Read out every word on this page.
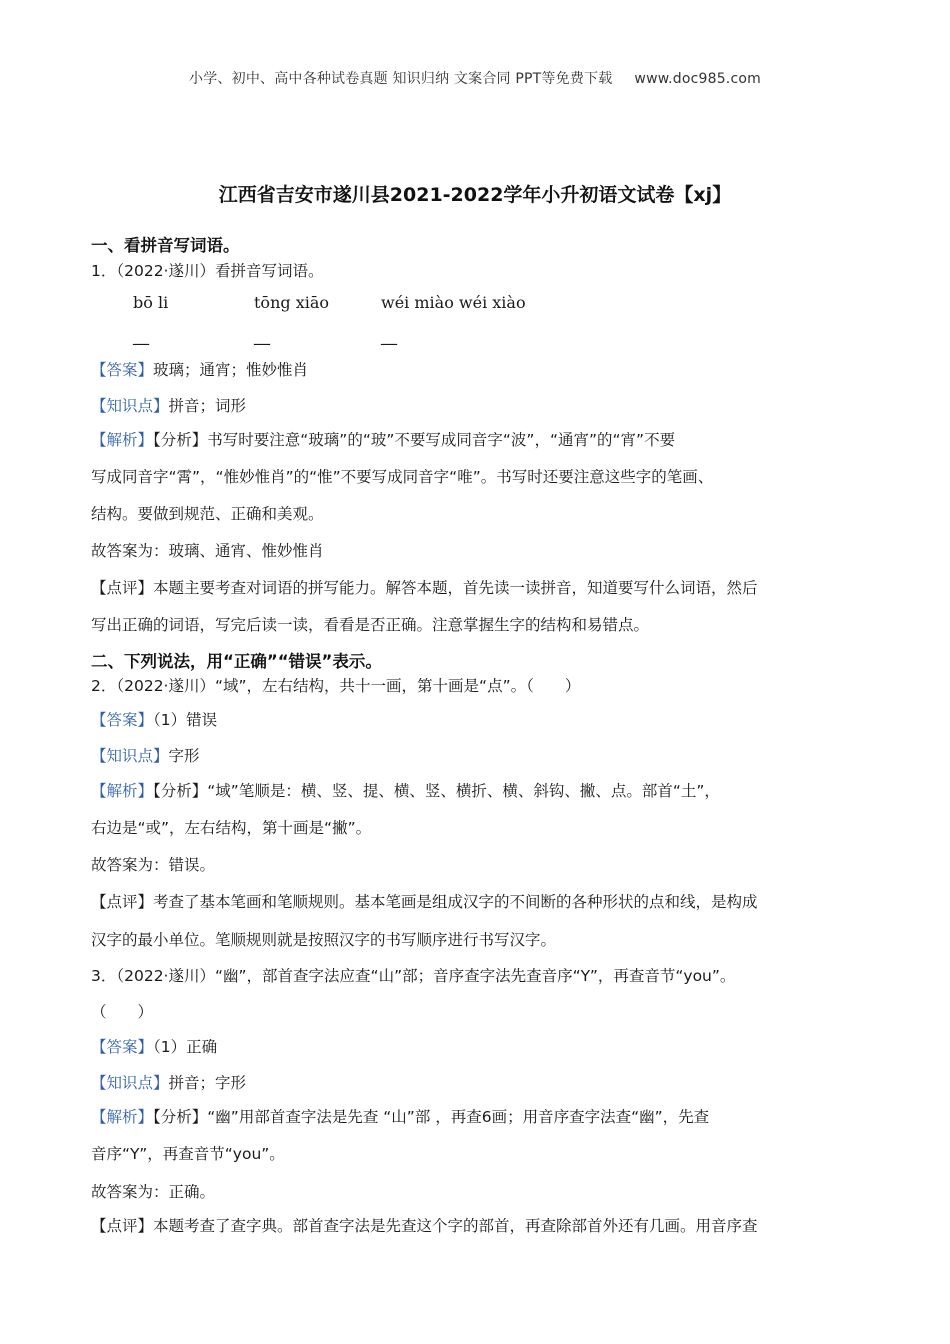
小学、初中、高中各种试卷真题 知识归纳 文案合同 PPT等免费下载 www.doc985.com
江西省吉安市遂川县2021-2022学年小升初语文试卷【xj】
一、看拼音写词语。
1．（2022·遂川）看拼音写词语。
bō li	tōng xiāo	wéi miào wéi xiào
__	__	__
【答案】玻璃；通宵；惟妙惟肖
【知识点】拼音；词形
【解析】【分析】书写时要注意“玻璃”的“玻”不要写成同音字“波”，“通宵”的“宵”不要
写成同音字“霄”，“惟妙惟肖”的“惟”不要写成同音字“唯”。书写时还要注意这些字的笔画、
结构。要做到规范、正确和美观。
故答案为：玻璃、通宵、惟妙惟肖
【点评】本题主要考查对词语的拼写能力。解答本题，首先读一读拼音，知道要写什么词语，然后
写出正确的词语，写完后读一读，看看是否正确。注意掌握生字的结构和易错点。
二、下列说法，用“正确”“错误”表示。
2．（2022·遂川）“域”，左右结构，共十一画，第十画是“点”。（　　）
【答案】（1）错误
【知识点】字形
【解析】【分析】“域”笔顺是：横、竖、提、横、竖、横折、横、斜钩、撇、点。部首“土”，
右边是“或”，左右结构，第十画是“撇”。
故答案为：错误。
【点评】考查了基本笔画和笔顺规则。基本笔画是组成汉字的不间断的各种形状的点和线，是构成
汉字的最小单位。笔顺规则就是按照汉字的书写顺序进行书写汉字。
3．（2022·遂川）“幽”，部首查字法应查“山”部；音序查字法先查音序“Y”，再查音节“you”。
（　　）
【答案】（1）正确
【知识点】拼音；字形
【解析】【分析】“幽”用部首查字法是先查 “山”部 ，再查6画；用音序查字法查“幽”，先查
音序“Y”，再查音节“you”。
故答案为：正确。
【点评】本题考查了查字典。部首查字法是先查这个字的部首，再查除部首外还有几画。用音序查
